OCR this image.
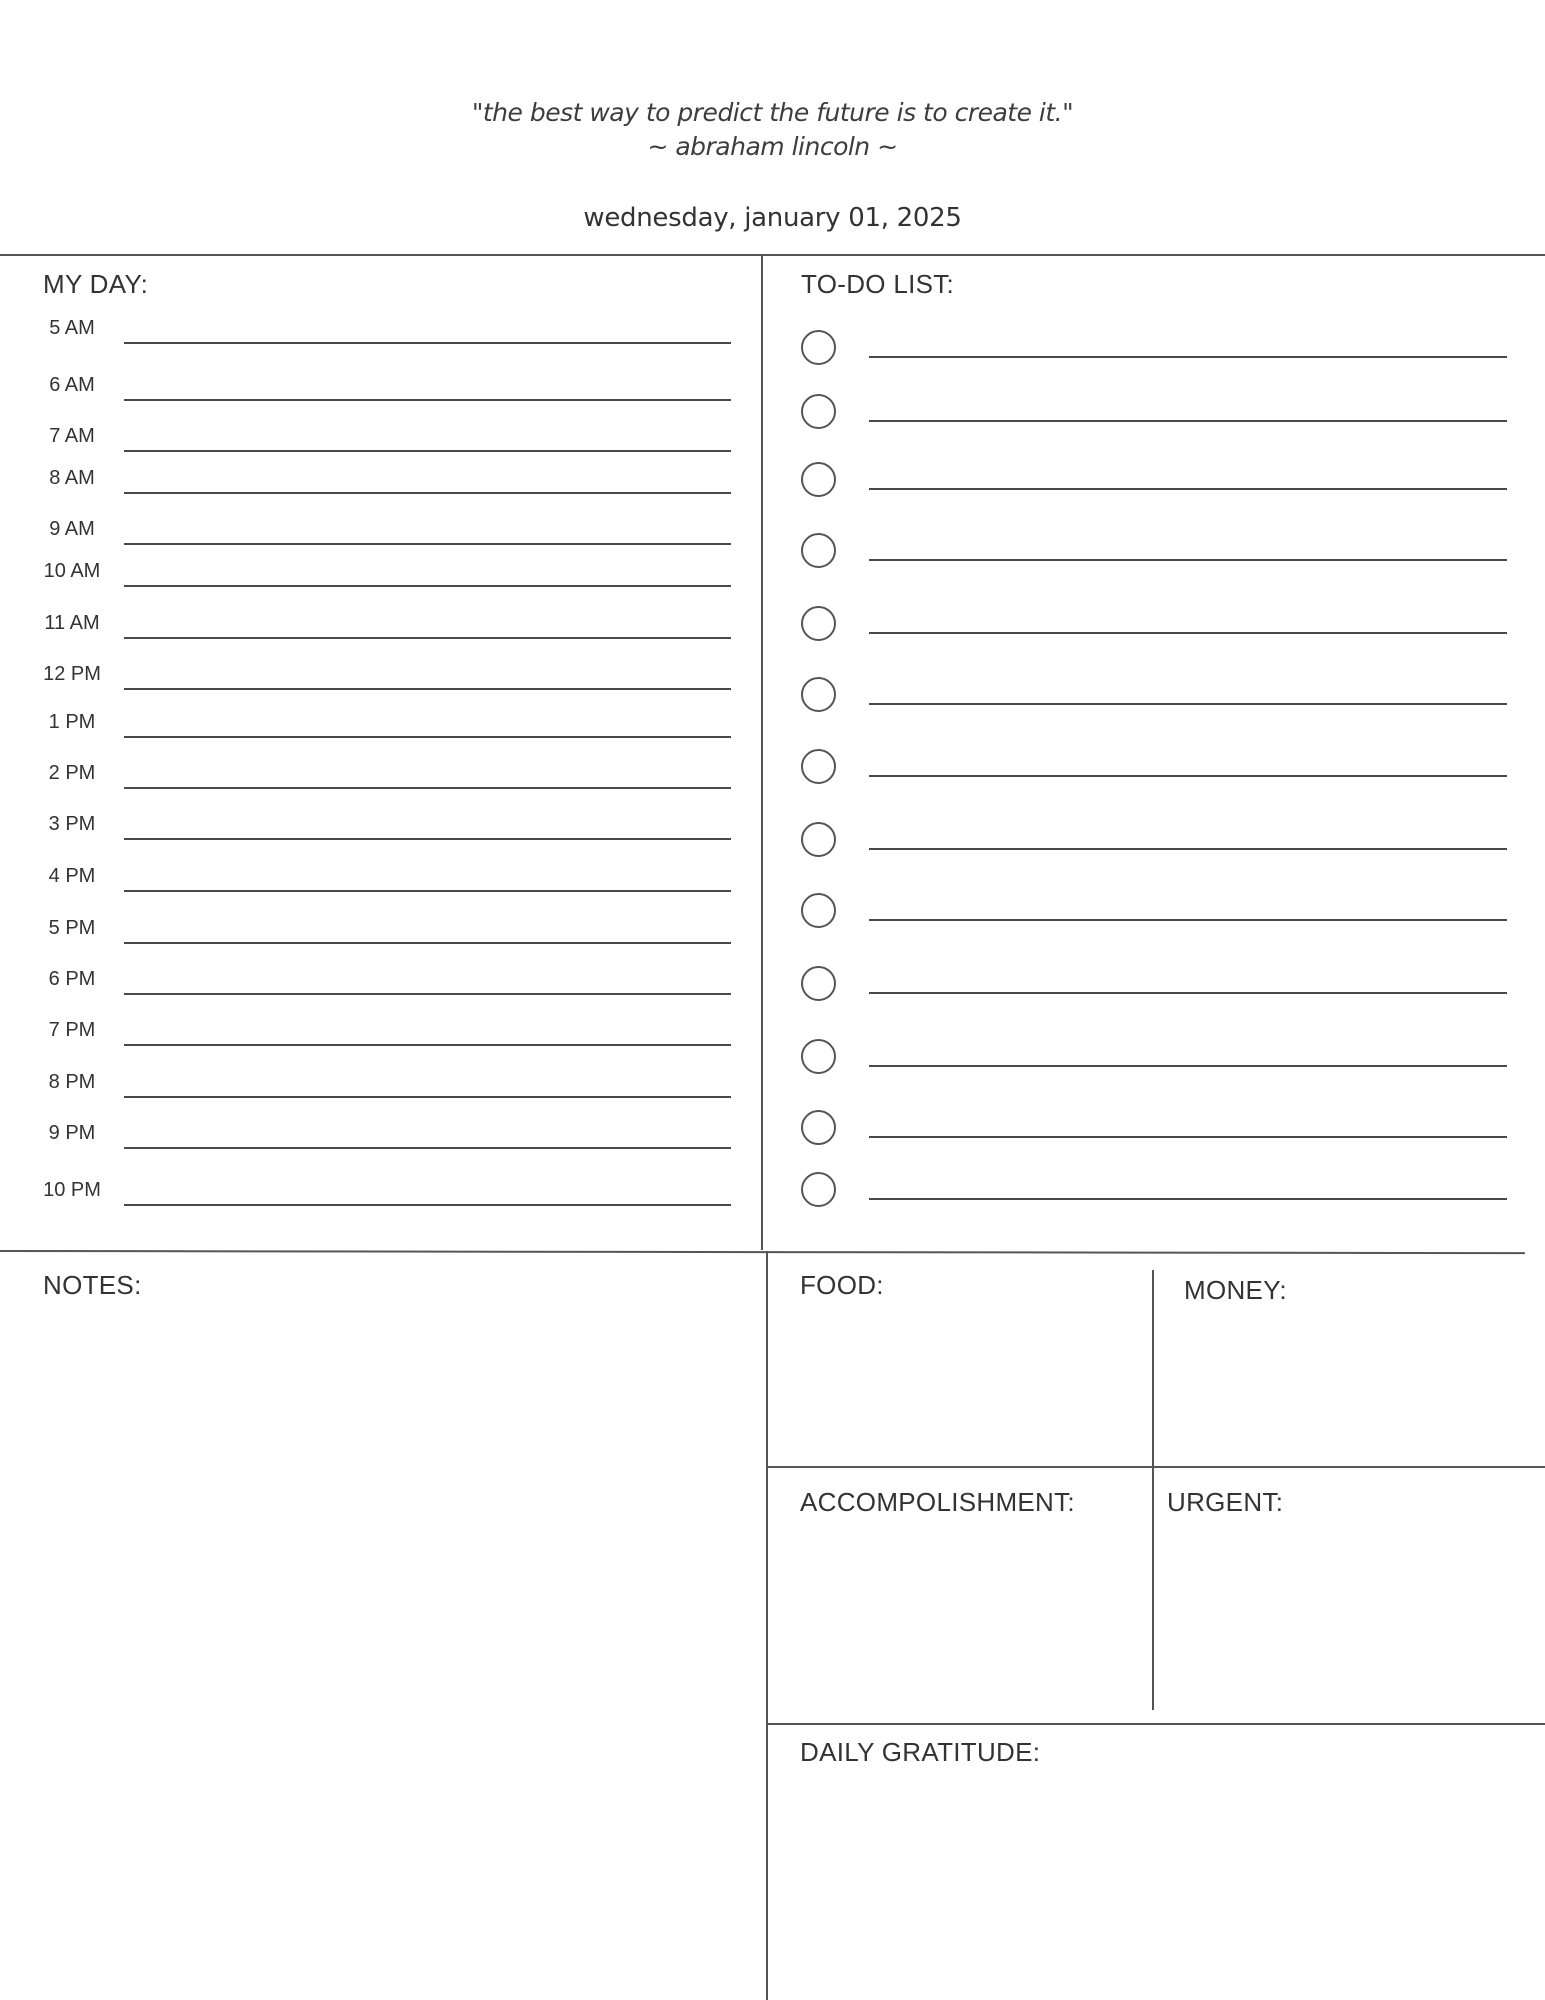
"the best way to predict the future is to create it."
~ abraham lincoln ~
wednesday, january 01, 2025
MY DAY:
5 AM
6 AM
7 AM
8 AM
9 AM
10 AM
11 AM
12 PM
1 PM
2 PM
3 PM
4 PM
5 PM
6 PM
7 PM
8 PM
9 PM
10 PM
TO-DO LIST:
NOTES:	FOOD:	MONEY:
ACCOMPOLISHMENT:	URGENT:
DAILY GRATITUDE:
